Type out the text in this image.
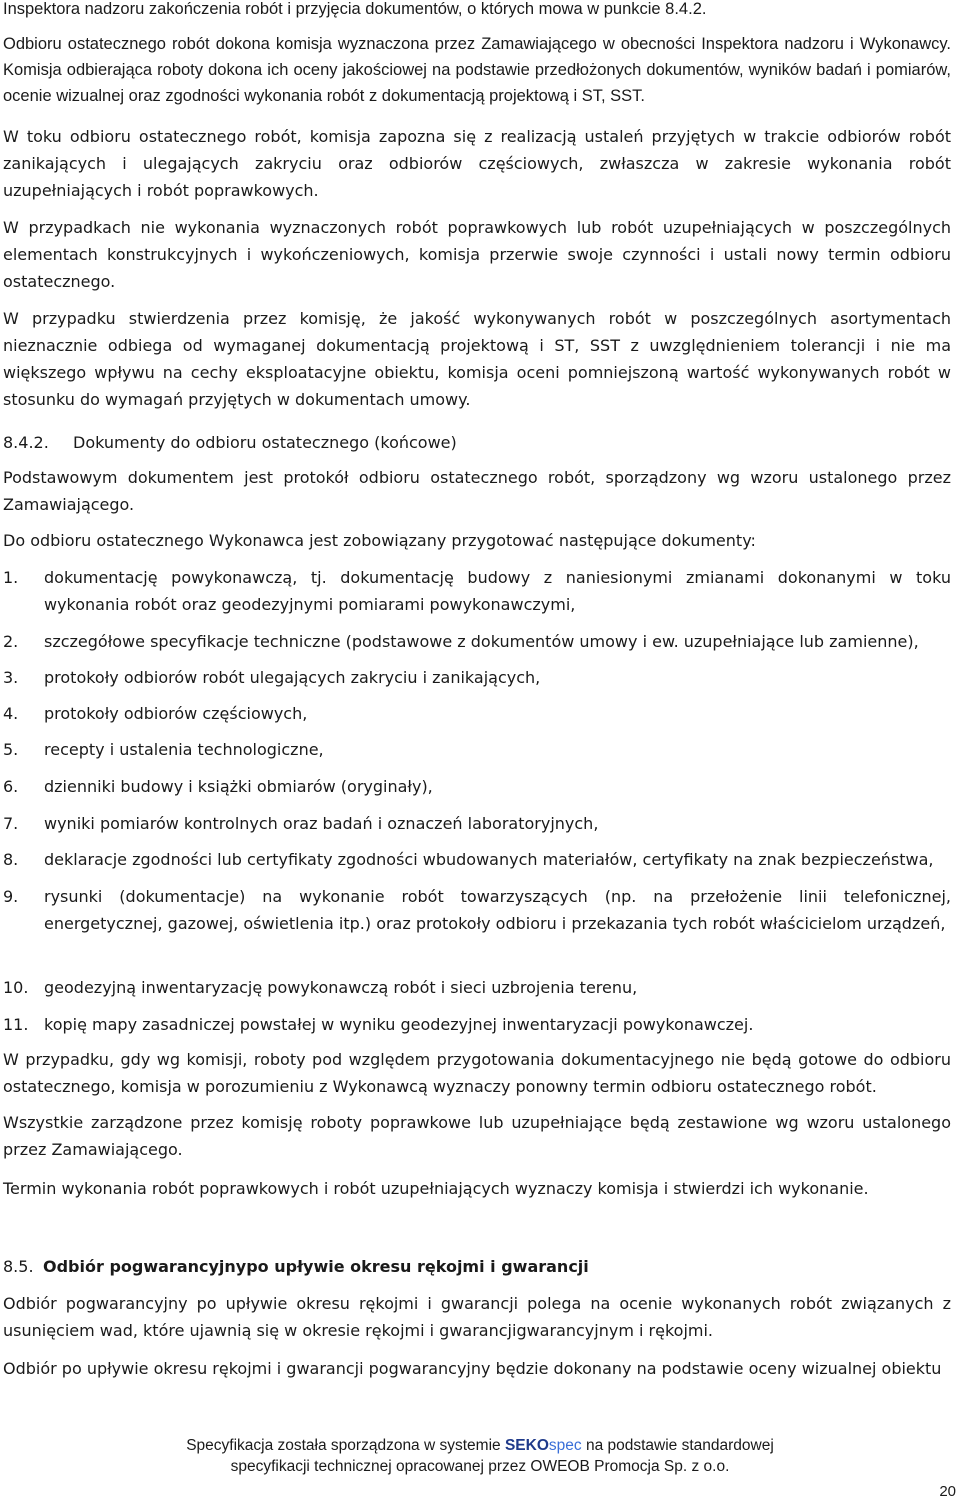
Inspektora nadzoru zakończenia robót i przyjęcia dokumentów, o których mowa w punkcie 8.4.2.

Odbioru ostatecznego robót dokona komisja wyznaczona przez Zamawiającego w obecności Inspektora nadzoru i Wykonawcy. Komisja odbierająca roboty dokona ich oceny jakościowej na podstawie przedłożonych dokumentów, wyników badań i pomiarów, ocenie wizualnej oraz zgodności wykonania robót z dokumentacją projektową i ST, SST.

W toku odbioru ostatecznego robót, komisja zapozna się z realizacją ustaleń przyjętych w trakcie odbiorów robót zanikających i ulegających zakryciu oraz odbiorów częściowych, zwłaszcza w zakresie wykonania robót uzupełniających i robót poprawkowych.

W przypadkach nie wykonania wyznaczonych robót poprawkowych lub robót uzupełniających w poszczególnych elementach konstrukcyjnych i wykończeniowych, komisja przerwie swoje czynności i ustali nowy termin odbioru ostatecznego.

W przypadku stwierdzenia przez komisję, że jakość wykonywanych robót w poszczególnych asortymentach nieznacznie odbiega od wymaganej dokumentacją projektową i ST, SST z uwzględnieniem tolerancji i nie ma większego wpływu na cechy eksploatacyjne obiektu, komisja oceni pomniejszoną wartość wykonywanych robót w stosunku do wymagań przyjętych w dokumentach umowy.

8.4.2. Dokumenty do odbioru ostatecznego (końcowe)

Podstawowym dokumentem jest protokół odbioru ostatecznego robót, sporządzony wg wzoru ustalonego przez Zamawiającego.

Do odbioru ostatecznego Wykonawca jest zobowiązany przygotować następujące dokumenty:

1. dokumentację powykonawczą, tj. dokumentację budowy z naniesionymi zmianami dokonanymi w toku wykonania robót oraz geodezyjnymi pomiarami powykonawczymi,
2. szczegółowe specyfikacje techniczne (podstawowe z dokumentów umowy i ew. uzupełniające lub zamienne),
3. protokoły odbiorów robót ulegających zakryciu i zanikających,
4. protokoły odbiorów częściowych,
5. recepty i ustalenia technologiczne,
6. dzienniki budowy i książki obmiarów (oryginały),
7. wyniki pomiarów kontrolnych oraz badań i oznaczeń laboratoryjnych,
8. deklaracje zgodności lub certyfikaty zgodności wbudowanych materiałów, certyfikaty na znak bezpieczeństwa,
9. rysunki (dokumentacje) na wykonanie robót towarzyszących (np. na przełożenie linii telefonicznej, energetycznej, gazowej, oświetlenia itp.) oraz protokoły odbioru i przekazania tych robót właścicielom urządzeń,
10. geodezyjną inwentaryzację powykonawczą robót i sieci uzbrojenia terenu,
11. kopię mapy zasadniczej powstałej w wyniku geodezyjnej inwentaryzacji powykonawczej.

W przypadku, gdy wg komisji, roboty pod względem przygotowania dokumentacyjnego nie będą gotowe do odbioru ostatecznego, komisja w porozumieniu z Wykonawcą wyznaczy ponowny termin odbioru ostatecznego robót.

Wszystkie zarządzone przez komisję roboty poprawkowe lub uzupełniające będą zestawione wg wzoru ustalonego przez Zamawiającego.

Termin wykonania robót poprawkowych i robót uzupełniających wyznaczy komisja i stwierdzi ich wykonanie.

8.5. Odbiór pogwarancyjnypo upływie okresu rękojmi i gwarancji

Odbiór pogwarancyjny po upływie okresu rękojmi i gwarancji polega na ocenie wykonanych robót związanych z usunięciem wad, które ujawnią się w okresie rękojmi i gwarancjigwarancyjnym i rękojmi.

Odbiór po upływie okresu rękojmi i gwarancji pogwarancyjny będzie dokonany na podstawie oceny wizualnej obiektu

Specyfikacja została sporządzona w systemie SEKOspec na podstawie standardowej
specyfikacji technicznej opracowanej przez OWEOB Promocja Sp. z o.o.
20
